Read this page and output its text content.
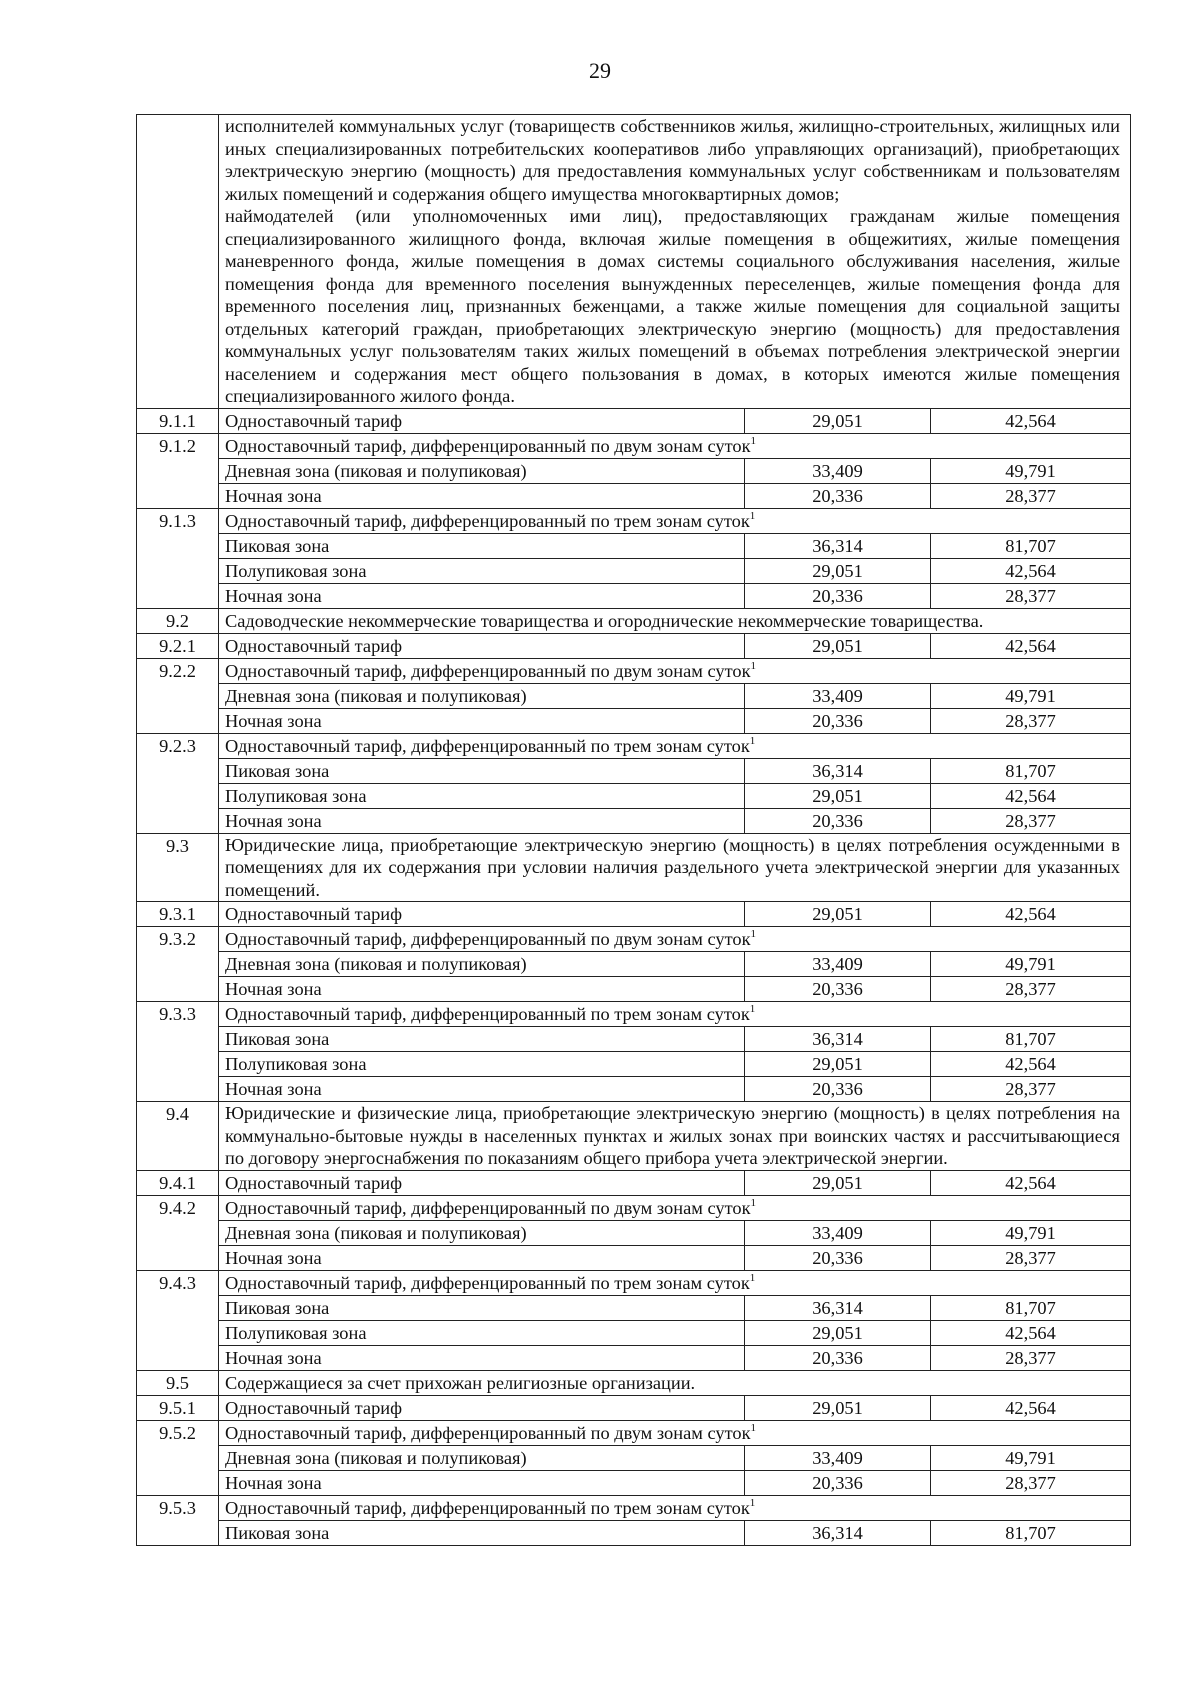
29

	исполнителей коммунальных услуг (товариществ собственников жилья, жилищно-строительных, жилищных или иных специализированных потребительских кооперативов либо управляющих организаций), приобретающих электрическую энергию (мощность) для предоставления коммунальных услуг собственникам и пользователям жилых помещений и содержания общего имущества многоквартирных домов;
наймодателей (или уполномоченных ими лиц), предоставляющих гражданам жилые помещения специализированного жилищного фонда, включая жилые помещения в общежитиях, жилые помещения маневренного фонда, жилые помещения в домах системы социального обслуживания населения, жилые помещения фонда для временного поселения вынужденных переселенцев, жилые помещения фонда для временного поселения лиц, признанных беженцами, а также жилые помещения для социальной защиты отдельных категорий граждан, приобретающих электрическую энергию (мощность) для предоставления коммунальных услуг пользователям таких жилых помещений в объемах потребления электрической энергии населением и содержания мест общего пользования в домах, в которых имеются жилые помещения специализированного жилого фонда.		

9.1.1	Одноставочный тариф	29,051	42,564
9.1.2	Одноставочный тариф, дифференцированный по двум зонам суток$^1$
	Дневная зона (пиковая и полупиковая)	33,409	49,791
	Ночная зона	20,336	28,377
9.1.3	Одноставочный тариф, дифференцированный по трем зонам суток$^1$
	Пиковая зона	36,314	81,707
	Полупиковая зона	29,051	42,564
	Ночная зона	20,336	28,377
9.2	Садоводческие некоммерческие товарищества и огороднические некоммерческие товарищества.		
9.2.1	Одноставочный тариф	29,051	42,564
9.2.2	Одноставочный тариф, дифференцированный по двум зонам суток$^1$
	Дневная зона (пиковая и полупиковая)	33,409	49,791
	Ночная зона	20,336	28,377
9.2.3	Одноставочный тариф, дифференцированный по трем зонам суток$^1$
	Пиковая зона	36,314	81,707
	Полупиковая зона	29,051	42,564
	Ночная зона	20,336	28,377
9.3	Юридические лица, приобретающие электрическую энергию (мощность) в целях потребления осужденными в помещениях для их содержания при условии наличия раздельного учета электрической энергии для указанных помещений.		
9.3.1	Одноставочный тариф	29,051	42,564
9.3.2	Одноставочный тариф, дифференцированный по двум зонам суток$^1$
	Дневная зона (пиковая и полупиковая)	33,409	49,791
	Ночная зона	20,336	28,377
9.3.3	Одноставочный тариф, дифференцированный по трем зонам суток$^1$
	Пиковая зона	36,314	81,707
	Полупиковая зона	29,051	42,564
	Ночная зона	20,336	28,377
9.4	Юридические и физические лица, приобретающие электрическую энергию (мощность) в целях потребления на коммунально-бытовые нужды в населенных пунктах и жилых зонах при воинских частях и рассчитывающиеся по договору энергоснабжения по показаниям общего прибора учета электрической энергии.		
9.4.1	Одноставочный тариф	29,051	42,564
9.4.2	Одноставочный тариф, дифференцированный по двум зонам суток$^1$
	Дневная зона (пиковая и полупиковая)	33,409	49,791
	Ночная зона	20,336	28,377
9.4.3	Одноставочный тариф, дифференцированный по трем зонам суток$^1$
	Пиковая зона	36,314	81,707
	Полупиковая зона	29,051	42,564
	Ночная зона	20,336	28,377
9.5	Содержащиеся за счет прихожан религиозные организации.		
9.5.1	Одноставочный тариф	29,051	42,564
9.5.2	Одноставочный тариф, дифференцированный по двум зонам суток$^1$
	Дневная зона (пиковая и полупиковая)	33,409	49,791
	Ночная зона	20,336	28,377
9.5.3	Одноставочный тариф, дифференцированный по трем зонам суток$^1$
	Пиковая зона	36,314	81,707
